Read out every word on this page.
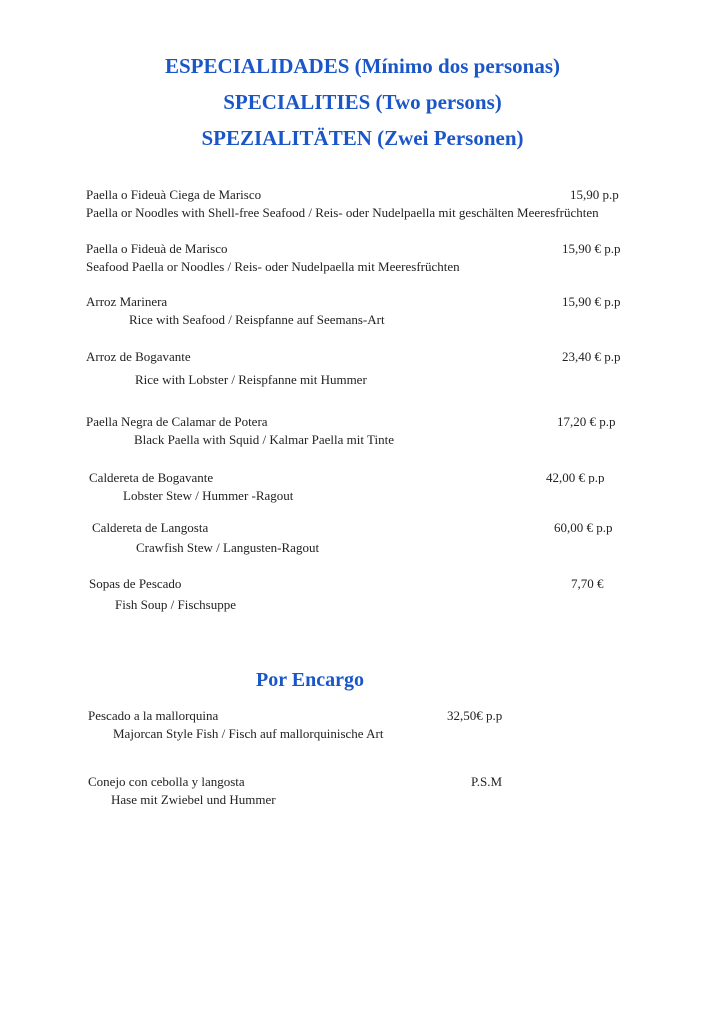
ESPECIALIDADES (Mínimo dos personas)
SPECIALITIES (Two persons)
SPEZIALITÄTEN (Zwei Personen)
Paella o Fideuà Ciega de Marisco	15,90 p.p
Paella or Noodles with Shell-free Seafood / Reis- oder Nudelpaella mit geschälten Meeresfrüchten
Paella o Fideuà de Marisco	15,90 € p.p
Seafood Paella or Noodles / Reis- oder Nudelpaella mit Meeresfrüchten
Arroz Marinera	15,90 € p.p
Rice with Seafood / Reispfanne auf Seemans-Art
Arroz de Bogavante	23,40 € p.p
Rice with Lobster / Reispfanne mit Hummer
Paella Negra de Calamar de Potera	17,20 € p.p
Black Paella with Squid / Kalmar Paella mit Tinte
Caldereta de Bogavante	42,00 € p.p
Lobster Stew / Hummer -Ragout
Caldereta de Langosta	60,00 € p.p
Crawfish Stew / Langusten-Ragout
Sopas de Pescado	7,70 €
Fish Soup / Fischsuppe
Por Encargo
Pescado a la mallorquina	32,50€ p.p
Majorcan Style Fish / Fisch auf mallorquinische Art
Conejo con cebolla y langosta	P.S.M
Hase mit Zwiebel und Hummer
